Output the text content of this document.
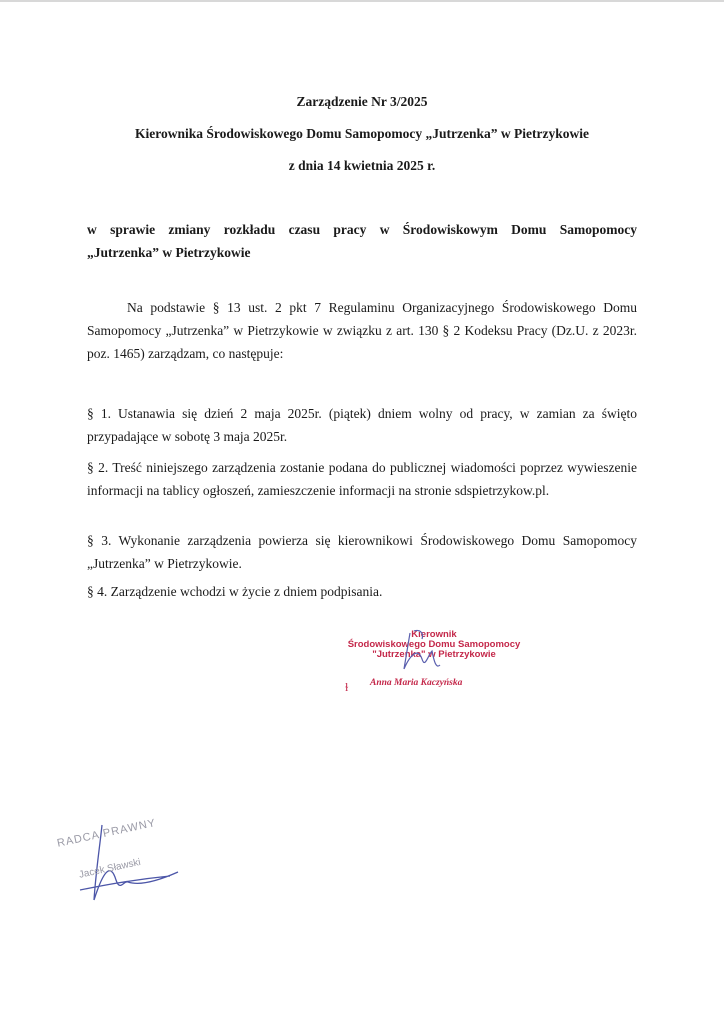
Zarządzenie Nr 3/2025
Kierownika Środowiskowego Domu Samopomocy „Jutrzenka” w Pietrzykowie
z dnia 14 kwietnia 2025 r.
w sprawie zmiany rozkładu czasu pracy w Środowiskowym Domu Samopomocy
„Jutrzenka” w Pietrzykowie
Na podstawie § 13 ust. 2 pkt 7 Regulaminu Organizacyjnego Środowiskowego Domu Samopomocy „Jutrzenka” w Pietrzykowie w związku z art. 130 § 2 Kodeksu Pracy (Dz.U. z 2023r. poz. 1465) zarządzam, co następuje:
§ 1. Ustanawia się dzień 2 maja 2025r. (piątek) dniem wolny od pracy, w zamian za święto przypadające w sobotę 3 maja 2025r.
§ 2. Treść niniejszego zarządzenia zostanie podana do publicznej wiadomości poprzez wywieszenie informacji na tablicy ogłoszeń, zamieszczenie informacji na stronie sdspietrzykow.pl.
§ 3. Wykonanie zarządzenia powierza się kierownikowi Środowiskowego Domu Samopomocy „Jutrzenka” w Pietrzykowie.
§ 4. Zarządzenie wchodzi w życie z dniem podpisania.
Kierownik
Środowiskowego Domu Samopomocy
"Jutrzenka" w Pietrzykowie
ɫ Anna Maria Kaczyńska
RADCA PRAWNY
Jacek Sławski
